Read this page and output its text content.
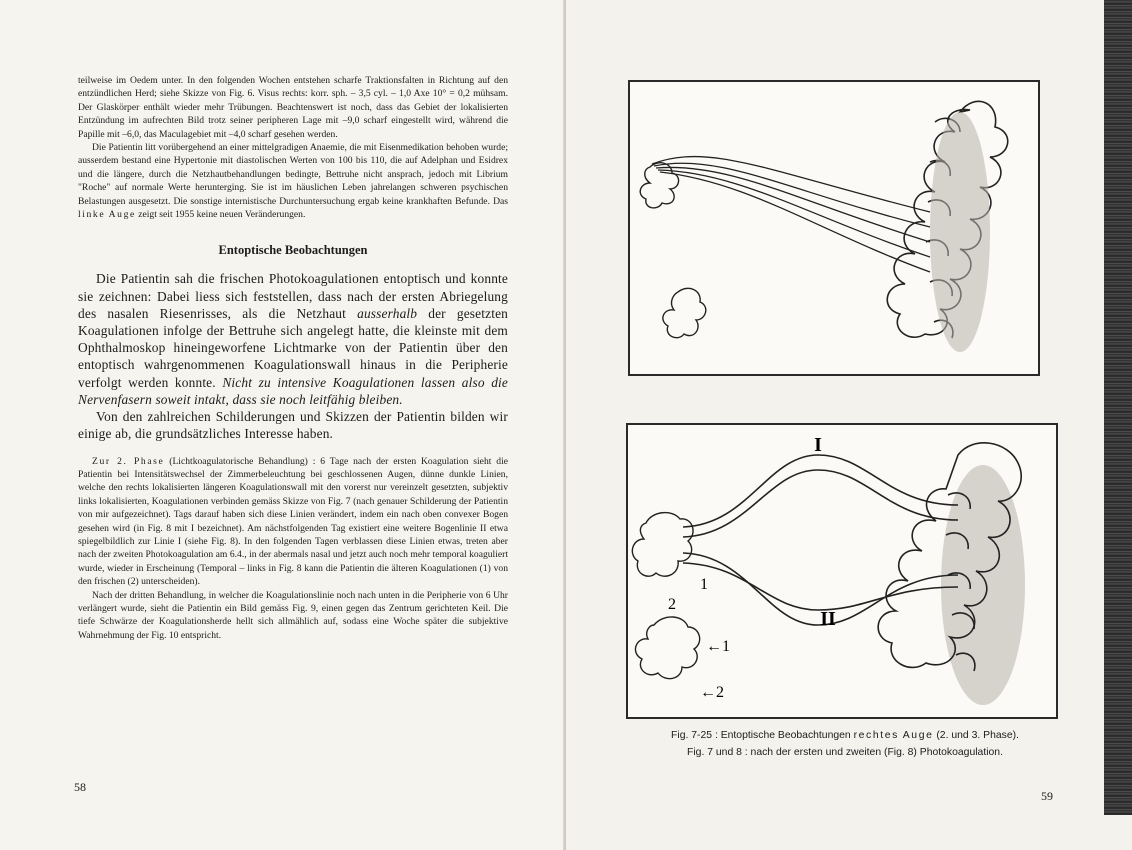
teilweise im Oedem unter. In den folgenden Wochen entstehen scharfe Traktionsfalten in Richtung auf den entzündlichen Herd; siehe Skizze von Fig. 6. Visus rechts: korr. sph. – 3,5 cyl. – 1,0 Axe 10° = 0,2 mühsam. Der Glaskörper enthält wieder mehr Trübungen. Beachtenswert ist noch, dass das Gebiet der lokalisierten Entzündung im aufrechten Bild trotz seiner peripheren Lage mit –9,0 scharf eingestellt wird, während die Papille mit –6,0, das Maculagebiet mit –4,0 scharf gesehen werden.

Die Patientin litt vorübergehend an einer mittelgradigen Anaemie, die mit Eisenmedikation behoben wurde; ausserdem bestand eine Hypertonie mit diastolischen Werten von 100 bis 110, die auf Adelphan und Esidrex und die längere, durch die Netzhautbehandlungen bedingte, Bettruhe nicht ansprach, jedoch mit Librium "Roche" auf normale Werte herunterging. Sie ist im häuslichen Leben jahrelangen schweren psychischen Belastungen ausgesetzt. Die sonstige internistische Durchuntersuchung ergab keine krankhaften Befunde. Das linke Auge zeigt seit 1955 keine neuen Veränderungen.

Entoptische Beobachtungen

Die Patientin sah die frischen Photokoagulationen entoptisch und konnte sie zeichnen: Dabei liess sich feststellen, dass nach der ersten Abriegelung des nasalen Riesenrisses, als die Netzhaut ausserhalb der gesetzten Koagulationen infolge der Bettruhe sich angelegt hatte, die kleinste mit dem Ophthalmoskop hineingeworfene Lichtmarke von der Patientin über den entoptisch wahrgenommenen Koagulationswall hinaus in die Peripherie verfolgt werden konnte. Nicht zu intensive Koagulationen lassen also die Nervenfasern soweit intakt, dass sie noch leitfähig bleiben.

Von den zahlreichen Schilderungen und Skizzen der Patientin bilden wir einige ab, die grundsätzliches Interesse haben.

Zur 2. Phase (Lichtkoagulatorische Behandlung) : 6 Tage nach der ersten Koagulation sieht die Patientin bei Intensitätswechsel der Zimmerbeleuchtung bei geschlossenen Augen, dünne dunkle Linien, welche den rechts lokalisierten längeren Koagulationswall mit den vorerst nur vereinzelt gesetzten, subjektiv links lokalisierten, Koagulationen verbinden gemäss Skizze von Fig. 7 (nach genauer Schilderung der Patientin von mir aufgezeichnet). Tags darauf haben sich diese Linien verändert, indem ein nach oben convexer Bogen gesehen wird (in Fig. 8 mit I bezeichnet). Am nächstfolgenden Tag existiert eine weitere Bogenlinie II etwa spiegelbildlich zur Linie I (siehe Fig. 8). In den folgenden Tagen verblassen diese Linien etwas, treten aber nach der zweiten Photokoagulation am 6.4., in der abermals nasal und jetzt auch noch mehr temporal koaguliert wurde, wieder in Erscheinung (Temporal – links in Fig. 8 kann die Patientin die älteren Koagulationen (1) von den frischen (2) unterscheiden).

Nach der dritten Behandlung, in welcher die Koagulationslinie noch nach unten in die Peripherie von 6 Uhr verlängert wurde, sieht die Patientin ein Bild gemäss Fig. 9, einen gegen das Zentrum gerichteten Keil. Die tiefe Schwärze der Koagulationsherde hellt sich allmählich auf, sodass eine Woche später die subjektive Wahrnehmung der Fig. 10 entspricht.

58
I
II
1
2
←1
←2
Fig. 7-25 : Entoptische Beobachtungen rechtes Auge (2. und 3. Phase).
Fig. 7 und 8 : nach der ersten und zweiten (Fig. 8) Photokoagulation.
59
